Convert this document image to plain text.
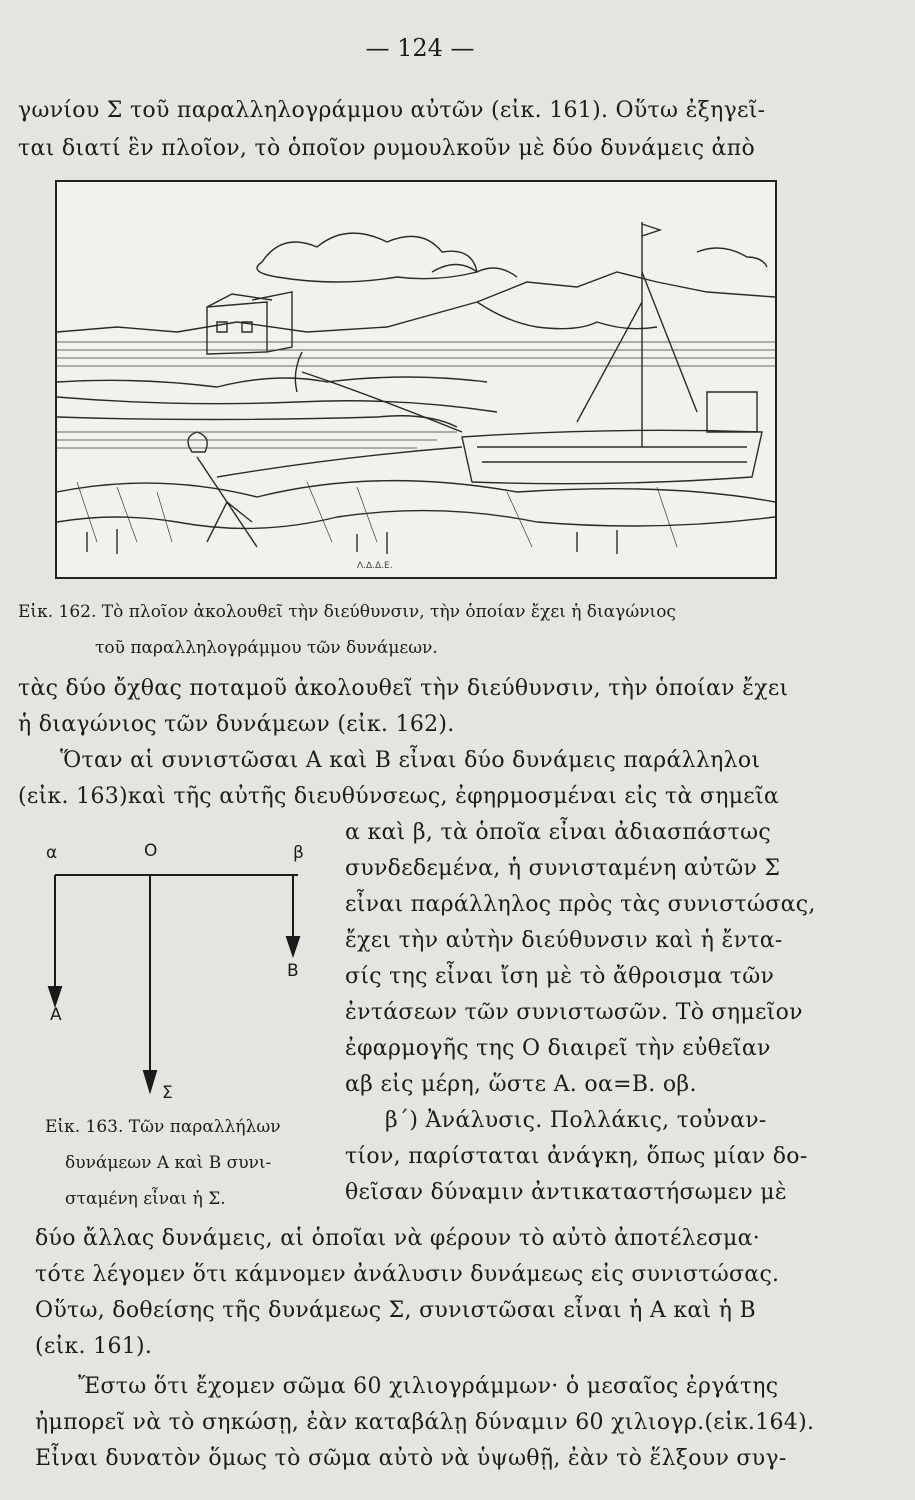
— 124 —
γωνίου Σ τοῦ παραλληλογράμμου αὐτῶν (εἰκ. 161). Οὕτω ἐξηγεῖ-
ται διατί ἓν πλοῖον, τὸ ὁποῖον ρυμουλκοῦν μὲ δύο δυνάμεις ἀπὸ
Λ.Δ.Δ.Ε.
Εἰκ. 162. Τὸ πλοῖον ἀκολουθεῖ τὴν διεύθυνσιν, τὴν ὁποίαν ἔχει ἡ διαγώνιος
τοῦ παραλληλογράμμου τῶν δυνάμεων.
τὰς δύο ὄχθας ποταμοῦ ἀκολουθεῖ τὴν διεύθυνσιν, τὴν ὁποίαν ἔχει
ἡ διαγώνιος τῶν δυνάμεων (εἰκ. 162).
Ὅταν αἱ συνιστῶσαι Α καὶ Β εἶναι δύο δυνάμεις παράλληλοι
(εἰκ. 163)καὶ τῆς αὐτῆς διευθύνσεως, ἐφηρμοσμέναι εἰς τὰ σημεῖα
α καὶ β, τὰ ὁποῖα εἶναι ἀδιασπάστως
συνδεδεμένα, ἡ συνισταμένη αὐτῶν Σ
εἶναι παράλληλος πρὸς τὰς συνιστώσας,
ἔχει τὴν αὐτὴν διεύθυνσιν καὶ ἡ ἔντα-
σίς της εἶναι ἴση μὲ τὸ ἄθροισμα τῶν
ἐντάσεων τῶν συνιστωσῶν. Τὸ σημεῖον
ἐφαρμογῆς της Ο διαιρεῖ τὴν εὐθεῖαν
αβ εἰς μέρη, ὥστε Α. οα=Β. οβ.
β΄) Ἀνάλυσις. Πολλάκις, τοὐναν-
τίον, παρίσταται ἀνάγκη, ὅπως μίαν δο-
θεῖσαν δύναμιν ἀντικαταστήσωμεν μὲ
α	Ο	β
Α
Β
Σ
Εἰκ. 163. Τῶν παραλλήλων
δυνάμεων Α καὶ Β συνι-
σταμένη εἶναι ἡ Σ.
δύο ἄλλας δυνάμεις, αἱ ὁποῖαι νὰ φέρουν τὸ αὐτὸ ἀποτέλεσμα·
τότε λέγομεν ὅτι κάμνομεν ἀνάλυσιν δυνάμεως εἰς συνιστώσας.
Οὕτω, δοθείσης τῆς δυνάμεως Σ, συνιστῶσαι εἶναι ἡ Α καὶ ἡ Β
(εἰκ. 161).
Ἔστω ὅτι ἔχομεν σῶμα 60 χιλιογράμμων· ὁ μεσαῖος ἐργάτης
ἠμπορεῖ νὰ τὸ σηκώσῃ, ἐὰν καταβάλῃ δύναμιν 60 χιλιογρ.(εἰκ.164).
Εἶναι δυνατὸν ὅμως τὸ σῶμα αὐτὸ νὰ ὑψωθῇ, ἐὰν τὸ ἕλξουν συγ-
